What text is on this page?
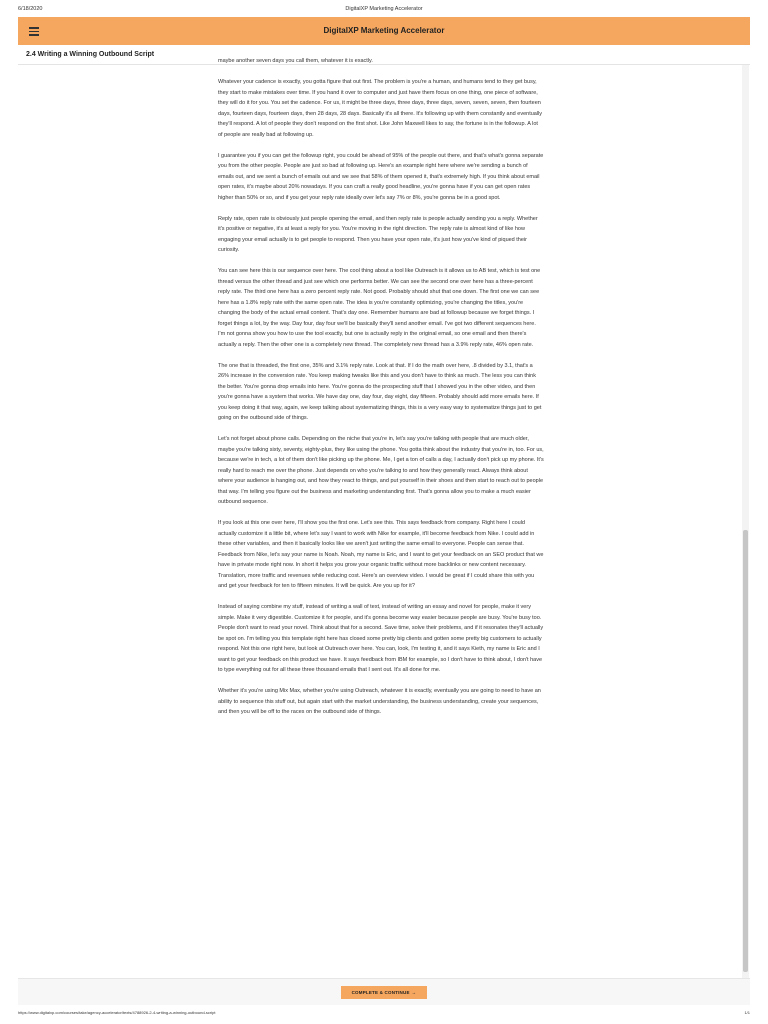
6/18/2020	DigitalXP Marketing Accelerator
DigitalXP Marketing Accelerator
2.4 Writing a Winning Outbound Script

maybe another seven days you call them, whatever it is exactly.

Whatever your cadence is exactly, you gotta figure that out first. The problem is you're a human, and humans tend to they get busy, they start to make mistakes over time. If you hand it over to computer and just have them focus on one thing, one piece of software, they will do it for you. You set the cadence. For us, it might be three days, three days, three days, seven, seven, seven, then fourteen days, fourteen days, fourteen days, then 28 days, 28 days. Basically it's all there. It's following up with them constantly and eventually they'll respond. A lot of people they don't respond on the first shot. Like John Maxwell likes to say, the fortune is in the followup. A lot of people are really bad at following up.

I guarantee you if you can get the followup right, you could be ahead of 95% of the people out there, and that's what's gonna separate you from the other people. People are just so bad at following up. Here's an example right here where we're sending a bunch of emails out, and we sent a bunch of emails out and we see that 58% of them opened it, that's extremely high. If you think about email open rates, it's maybe about 20% nowadays. If you can craft a really good headline, you're gonna have if you can get open rates higher than 50% or so, and if you get your reply rate ideally over let's say 7% or 8%, you're gonna be in a good spot.

Reply rate, open rate is obviously just people opening the email, and then reply rate is people actually sending you a reply. Whether it's positive or negative, it's at least a reply for you. You're moving in the right direction. The reply rate is almost kind of like how engaging your email actually is to get people to respond. Then you have your open rate, it's just how you've kind of piqued their curiosity.

You can see here this is our sequence over here. The cool thing about a tool like Outreach is it allows us to AB test, which is test one thread versus the other thread and just see which one performs better. We can see the second one over here has a three-percent reply rate. The third one here has a zero percent reply rate. Not good. Probably should shut that one down. The first one we can see here has a 1.8% reply rate with the same open rate. The idea is you're constantly optimizing, you're changing the titles, you're changing the body of the actual email content. That's day one. Remember humans are bad at followup because we forget things. I forget things a lot, by the way. Day four, day four we'll be basically they'll send another email. I've got two different sequences here. I'm not gonna show you how to use the tool exactly, but one is actually reply in the original email, so one email and then there's actually a reply. Then the other one is a completely new thread. The completely new thread has a 3.9% reply rate, 46% open rate.

The one that is threaded, the first one, 35% and 3.1% reply rate. Look at that. If I do the math over here, .8 divided by 3.1, that's a 26% increase in the conversion rate. You keep making tweaks like this and you don't have to think as much. The less you can think the better. You're gonna drop emails into here. You're gonna do the prospecting stuff that I showed you in the other video, and then you're gonna have a system that works. We have day one, day four, day eight, day fifteen. Probably should add more emails here. If you keep doing it that way, again, we keep talking about systematizing things, this is a very easy way to systematize things just to get going on the outbound side of things.

Let's not forget about phone calls. Depending on the niche that you're in, let's say you're talking with people that are much older, maybe you're talking sixty, seventy, eighty-plus, they like using the phone. You gotta think about the industry that you're in, too. For us, because we're in tech, a lot of them don't like picking up the phone. Me, I get a ton of calls a day, I actually don't pick up my phone. It's really hard to reach me over the phone. Just depends on who you're talking to and how they generally react. Always think about where your audience is hanging out, and how they react to things, and put yourself in their shoes and then start to reach out to people that way. I'm telling you figure out the business and marketing understanding first. That's gonna allow you to make a much easier outbound sequence.

If you look at this one over here, I'll show you the first one. Let's see this. This says feedback from company. Right here I could actually customize it a little bit, where let's say I want to work with Nike for example, it'll become feedback from Nike. I could add in these other variables, and then it basically looks like we aren't just writing the same email to everyone. People can sense that. Feedback from Nike, let's say your name is Noah. Noah, my name is Eric, and I want to get your feedback on an SEO product that we have in private mode right now. In short it helps you grow your organic traffic without more backlinks or new content necessary. Translation, more traffic and revenues while reducing cost. Here's an overview video. I would be great if I could share this with you and get your feedback for ten to fifteen minutes. It will be quick. Are you up for it?

Instead of saying combine my stuff, instead of writing a wall of text, instead of writing an essay and novel for people, make it very simple. Make it very digestible. Customize it for people, and it's gonna become way easier because people are busy. You're busy too. People don't want to read your novel. Think about that for a second. Save time, solve their problems, and if it resonates they'll actually be spot on. I'm telling you this template right here has closed some pretty big clients and gotten some pretty big customers to actually respond. Not this one right here, but look at Outreach over here. You can, look, I'm testing it, and it says Kieth, my name is Eric and I want to get your feedback on this product we have. It says feedback from IBM for example, so I don't have to think about, I don't have to type everything out for all these three thousand emails that I sent out. It's all done for me.

Whether it's you're using Mix Max, whether you're using Outreach, whatever it is exactly, eventually you are going to need to have an ability to sequence this stuff out, but again start with the market understanding, the business understanding, create your sequences, and then you will be off to the races on the outbound side of things.

COMPLETE & CONTINUE →
https://www.digitalxp.com/courses/take/agency-accelerator/texts/4788926-2-4-writing-a-winning-outbound-script	1/1
